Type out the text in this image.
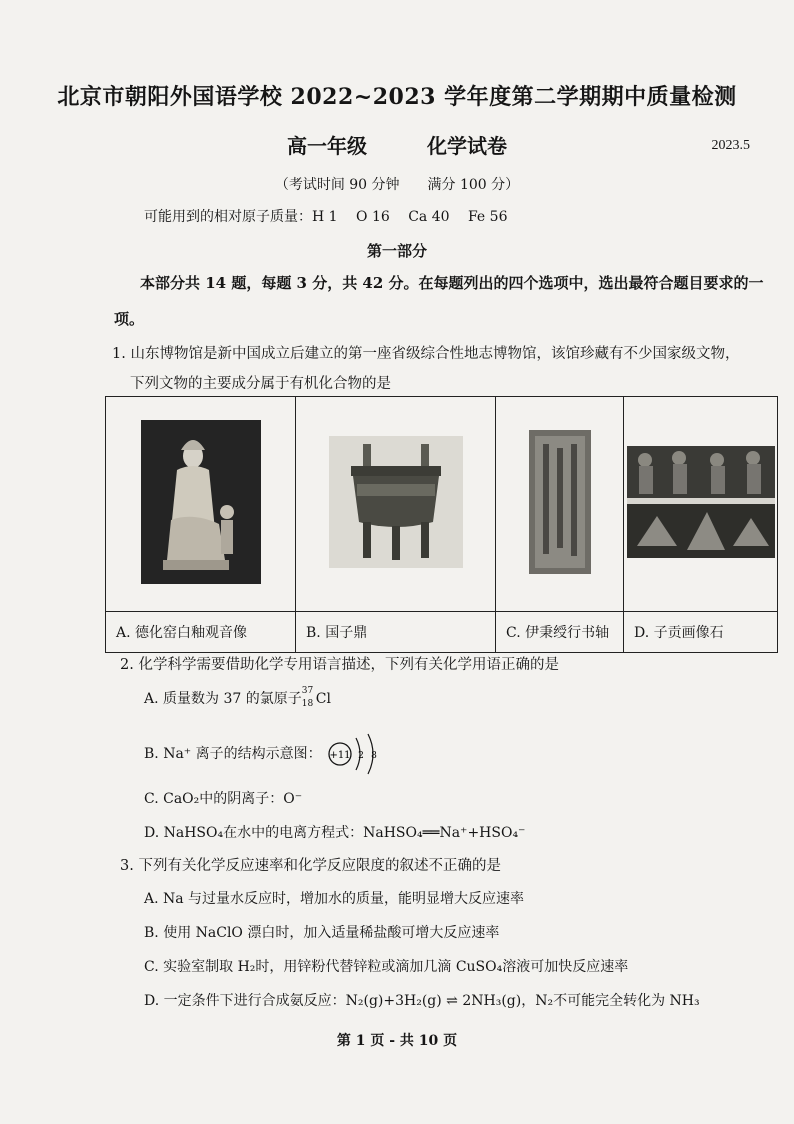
北京市朝阳外国语学校 2022~2023 学年度第二学期期中质量检测
高一年级	化学试卷	2023.5
（考试时间 90 分钟 满分 100 分）
可能用到的相对原子质量：H 1　 O 16　 Ca 40　 Fe 56
第一部分
本部分共 14 题，每题 3 分，共 42 分。在每题列出的四个选项中，选出最符合题目要求的一
项。
1. 山东博物馆是新中国成立后建立的第一座省级综合性地志博物馆，该馆珍藏有不少国家级文物，
下列文物的主要成分属于有机化合物的是

A. 德化窑白釉观音像	B. 国子鼎	C. 伊秉绶行书轴	D. 子贡画像石
2. 化学科学需要借助化学专用语言描述，下列有关化学用语正确的是
A. 质量数为 37 的氯原子 37
18 Cl
B. Na⁺ 离子的结构示意图： +11 2 8
C. CaO₂中的阴离子：O⁻
D. NaHSO₄在水中的电离方程式：NaHSO₄══Na⁺+HSO₄⁻
3. 下列有关化学反应速率和化学反应限度的叙述不正确的是
A. Na 与过量水反应时，增加水的质量，能明显增大反应速率
B. 使用 NaClO 漂白时，加入适量稀盐酸可增大反应速率
C. 实验室制取 H₂时，用锌粉代替锌粒或滴加几滴 CuSO₄溶液可加快反应速率
D. 一定条件下进行合成氨反应：N₂(g)+3H₂(g) ⇌ 2NH₃(g)，N₂不可能完全转化为 NH₃
第 1 页 - 共 10 页
